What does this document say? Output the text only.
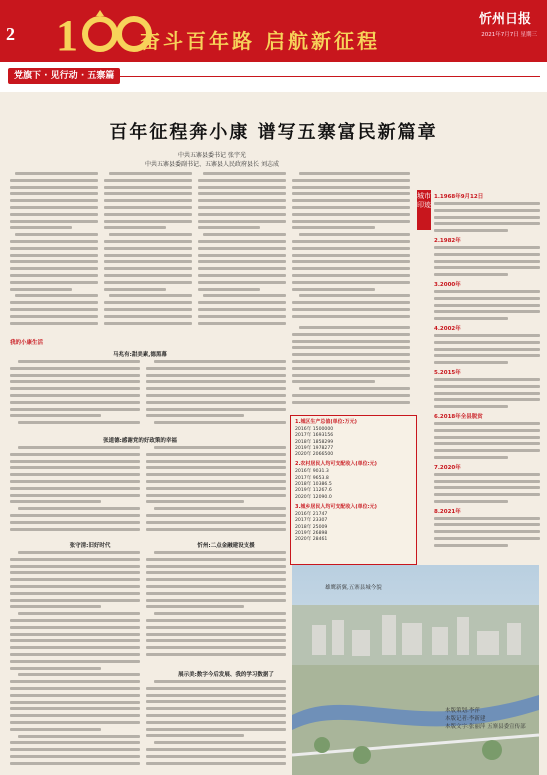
2 1	奋斗百年路 启航新征程
忻州日报
2021年7月7日 星期三
党旗下 · 见行动 · 五寨篇
百年征程奔小康 谱写五寨富民新篇章
中共五寨县委书记 张宇光
中共五寨县委副书记、五寨县人民政府县长 刘志成
我的小康生活
马兆有:甜美素,德黑幕
张道德:感谢党的好政策的幸福
张守清:旧好时代	忻州:二点金融建设支援
展示美:数字今后发展、我的学习数据了
城市印迹
1.1968年9月12日
2.1982年
3.2000年
4.2002年
5.2015年
6.2018年全县脱贫
7.2020年
8.2021年
1.城区生产总值(单位:万元)
2016年 1500000
2017年 1693156
2018年 1858299
2019年 1978277
2020年 2066500
2.农村居民人均可支配收入(单位:元)
2016年 9031.3
2017年 9653.8
2018年 10386.5
2019年 11267.6
2020年 12090.0
3.城乡居民人均可支配收入(单位:元)
2016年 21747
2017年 23307
2018年 25009
2019年 26898
2020年 28461
雄鹰新翼,五寨县城今貌
本版策划:李萍
本版记者:李新建
本版文字:张丽萍 五寨县委宣传部
